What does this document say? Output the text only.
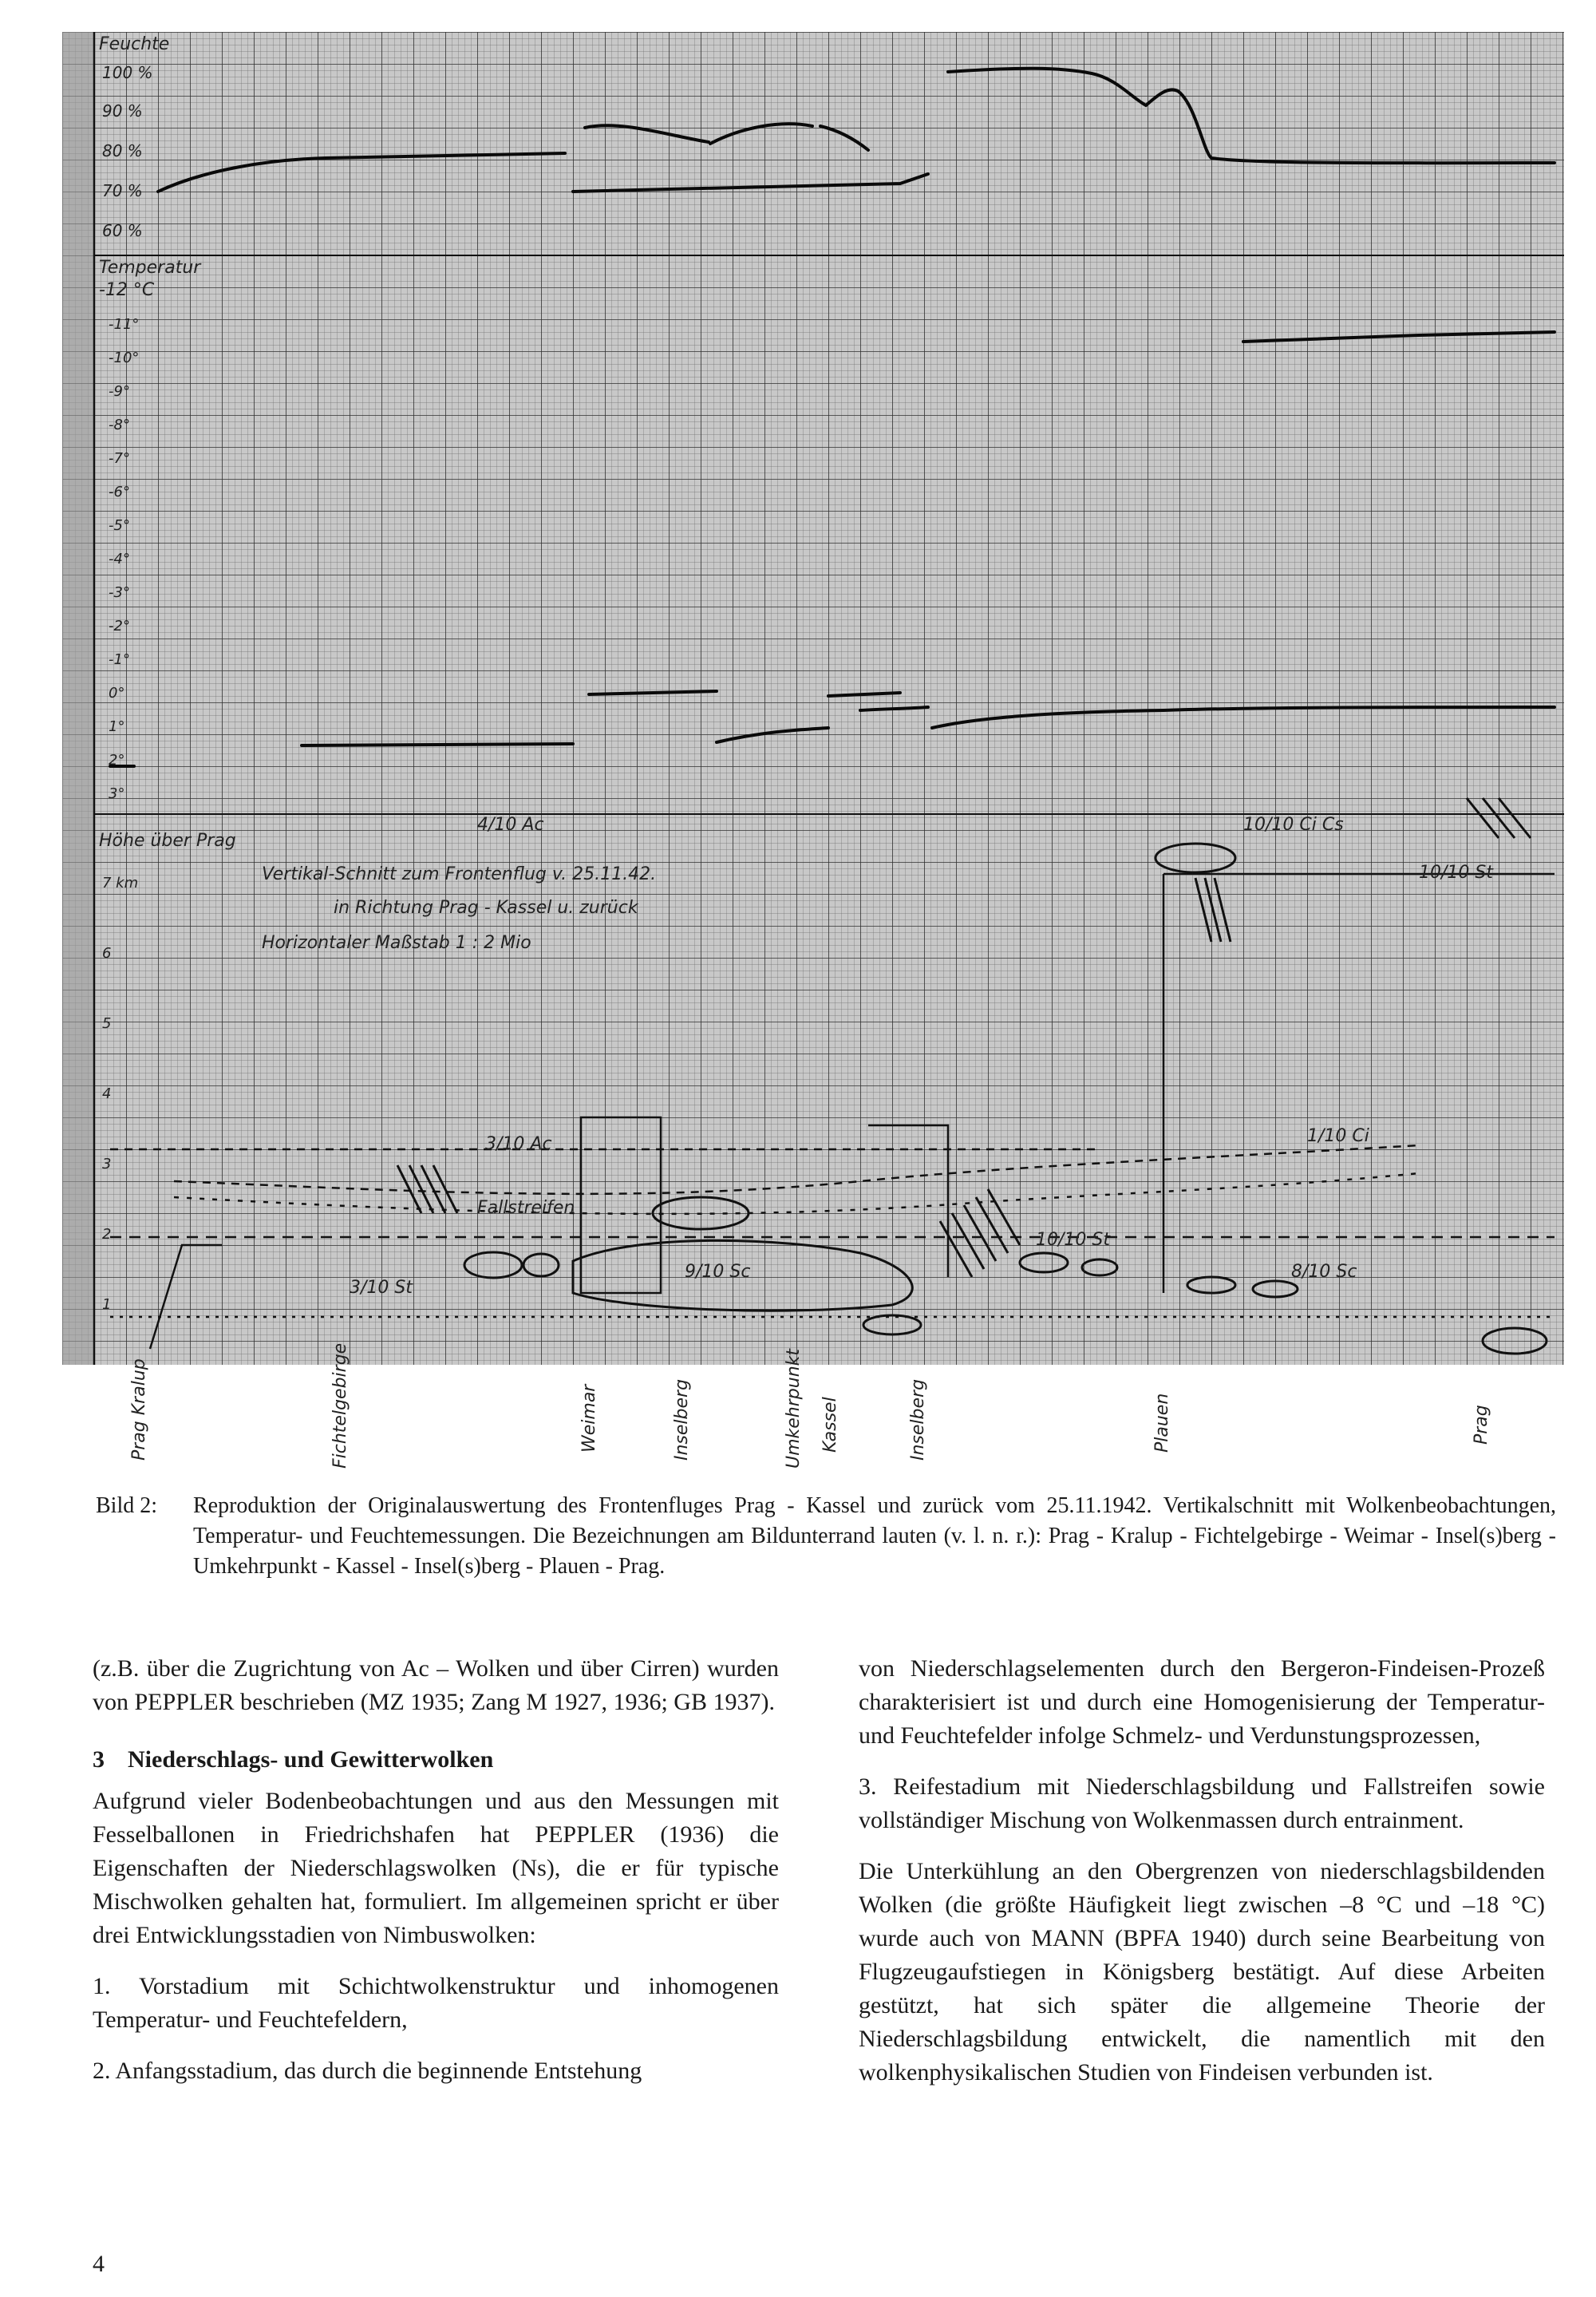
Feuchte
Temperatur
-12 °C
Höhe über Prag
100 %
90 %
80 %
70 %
60 %
-11°
-10°
-9°
-8°
-7°
-6°
-5°
-4°
-3°
-2°
-1°
0°
1°
2°
3°
7 km
6
5
4
3
2
1
Vertikal-Schnitt zum Frontenflug v. 25.11.42.
in Richtung Prag - Kassel u. zurück
Horizontaler Maßstab 1 : 2 Mio
4/10 Ac
3/10 Ac
10/10 Ci Cs
1/10 Ci
Fallstreifen
10/10 St
9/10 Sc
3/10 St
8/10 Sc
10/10 St
Prag Kralup	Fichtelgebirge	Weimar	Inselberg	Umkehrpunkt Kassel	Inselberg	Plauen	Prag
Bild 2:	Reproduktion der Originalauswertung des Frontenfluges Prag - Kassel und zurück vom 25.11.1942. Vertikalschnitt mit Wolkenbeobachtungen, Temperatur- und Feuchtemessungen. Die Bezeichnungen am Bildunterrand lauten (v. l. n. r.): Prag - Kralup - Fichtelgebirge - Weimar - Insel(s)berg - Umkehrpunkt - Kassel - Insel(s)berg - Plauen - Prag.

(z.B. über die Zugrichtung von Ac – Wolken und über Cirren) wurden von PEPPLER beschrieben (MZ 1935; Zang M 1927, 1936; GB 1937).

3 Niederschlags- und Gewitterwolken

Aufgrund vieler Bodenbeobachtungen und aus den Messungen mit Fesselballonen in Friedrichshafen hat PEPPLER (1936) die Eigenschaften der Niederschlagswolken (Ns), die er für typische Mischwolken gehalten hat, formuliert. Im allgemeinen spricht er über drei Entwicklungsstadien von Nimbuswolken:

1. Vorstadium mit Schichtwolkenstruktur und inhomogenen Temperatur- und Feuchtefeldern,

2. Anfangsstadium, das durch die beginnende Entstehung

von Niederschlagselementen durch den Bergeron-Findeisen-Prozeß charakterisiert ist und durch eine Homogenisierung der Temperatur- und Feuchtefelder infolge Schmelz- und Verdunstungsprozessen,

3. Reifestadium mit Niederschlagsbildung und Fallstreifen sowie vollständiger Mischung von Wolkenmassen durch entrainment.

Die Unterkühlung an den Obergrenzen von niederschlagsbildenden Wolken (die größte Häufigkeit liegt zwischen –8 °C und –18 °C) wurde auch von MANN (BPFA 1940) durch seine Bearbeitung von Flugzeugaufstiegen in Königsberg bestätigt. Auf diese Arbeiten gestützt, hat sich später die allgemeine Theorie der Niederschlagsbildung entwickelt, die namentlich mit den wolkenphysikalischen Studien von Findeisen verbunden ist.

4
